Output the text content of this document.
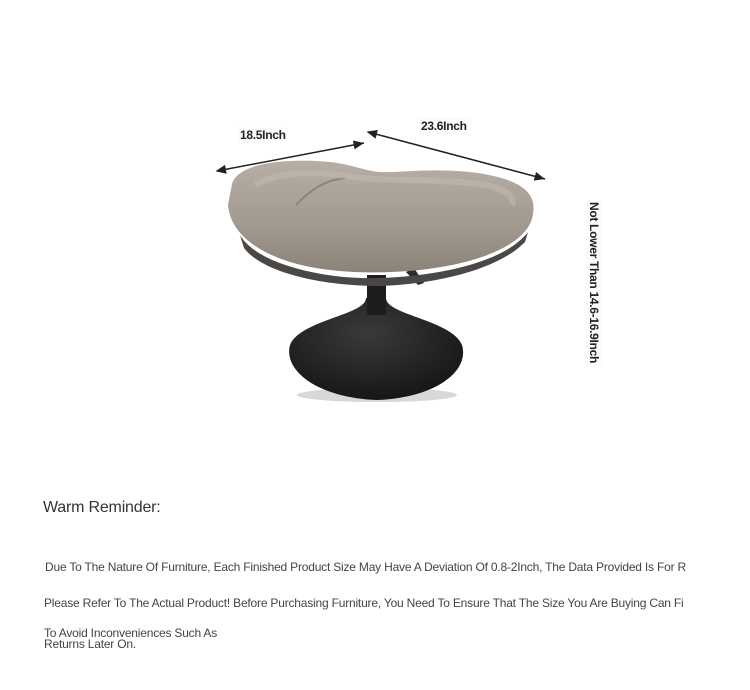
18.5Inch
23.6Inch
Not Lower Than 14.6-16.9Inch
Warm Reminder:

Due To The Nature Of Furniture, Each Finished Product Size May Have A Deviation Of 0.8-2Inch, The Data Provided Is For R

Please Refer To The Actual Product! Before Purchasing Furniture, You Need To Ensure That The Size You Are Buying Can Fi

To Avoid Inconveniences Such As
Returns Later On.
